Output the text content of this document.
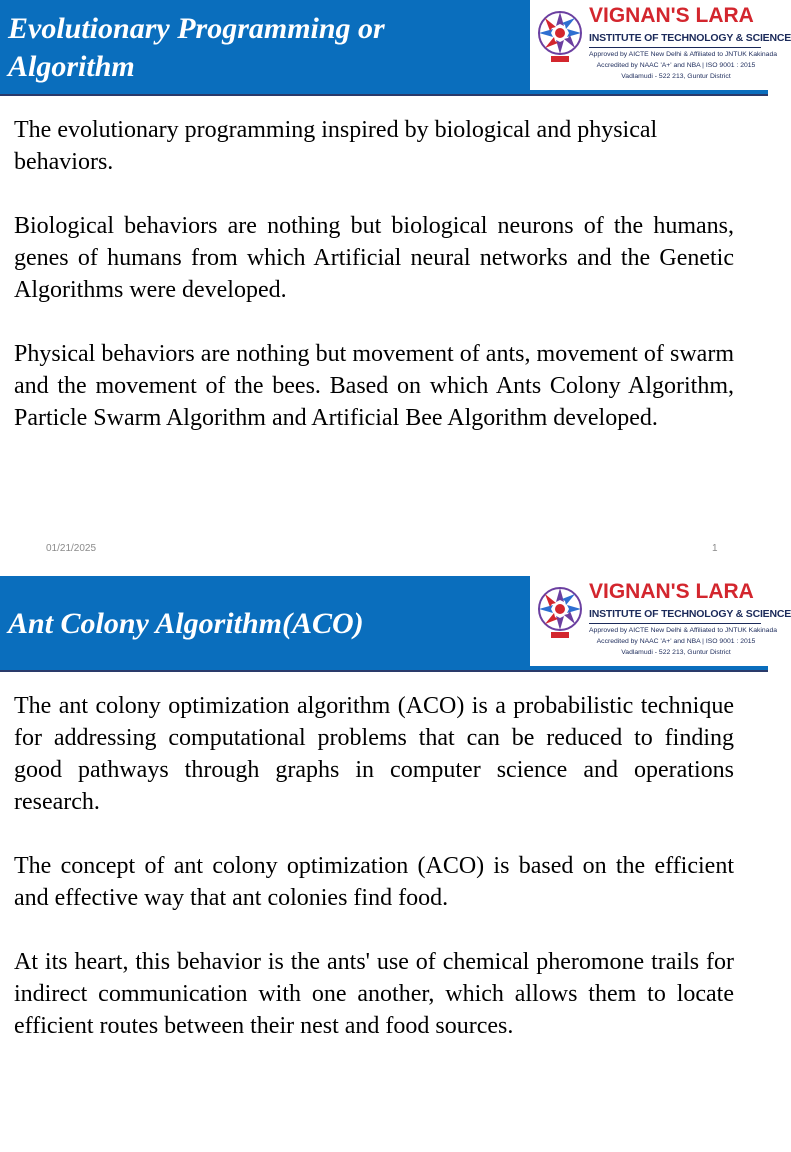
Evolutionary Programming or Algorithm
VIGNAN'S LARA
INSTITUTE OF TECHNOLOGY & SCIENCE
Approved by AICTE New Delhi & Affiliated to JNTUK Kakinada
Accredited by NAAC 'A+' and NBA | ISO 9001 : 2015
Vadlamudi - 522 213, Guntur District

The evolutionary programming inspired by biological and physical behaviors.

Biological behaviors are nothing but biological neurons of the humans, genes of humans from which Artificial neural networks and the Genetic Algorithms were developed.

Physical behaviors are nothing but movement of ants, movement of swarm and the movement of the bees. Based on which Ants Colony Algorithm, Particle Swarm Algorithm and Artificial Bee Algorithm developed.

01/21/2025	1
Ant Colony Algorithm(ACO)
VIGNAN'S LARA
INSTITUTE OF TECHNOLOGY & SCIENCE
Approved by AICTE New Delhi & Affiliated to JNTUK Kakinada
Accredited by NAAC 'A+' and NBA | ISO 9001 : 2015
Vadlamudi - 522 213, Guntur District

The ant colony optimization algorithm (ACO) is a probabilistic technique for addressing computational problems that can be reduced to finding good pathways through graphs in computer science and operations research.

The concept of ant colony optimization (ACO) is based on the efficient and effective way that ant colonies find food.

At its heart, this behavior is the ants' use of chemical pheromone trails for indirect communication with one another, which allows them to locate efficient routes between their nest and food sources.
